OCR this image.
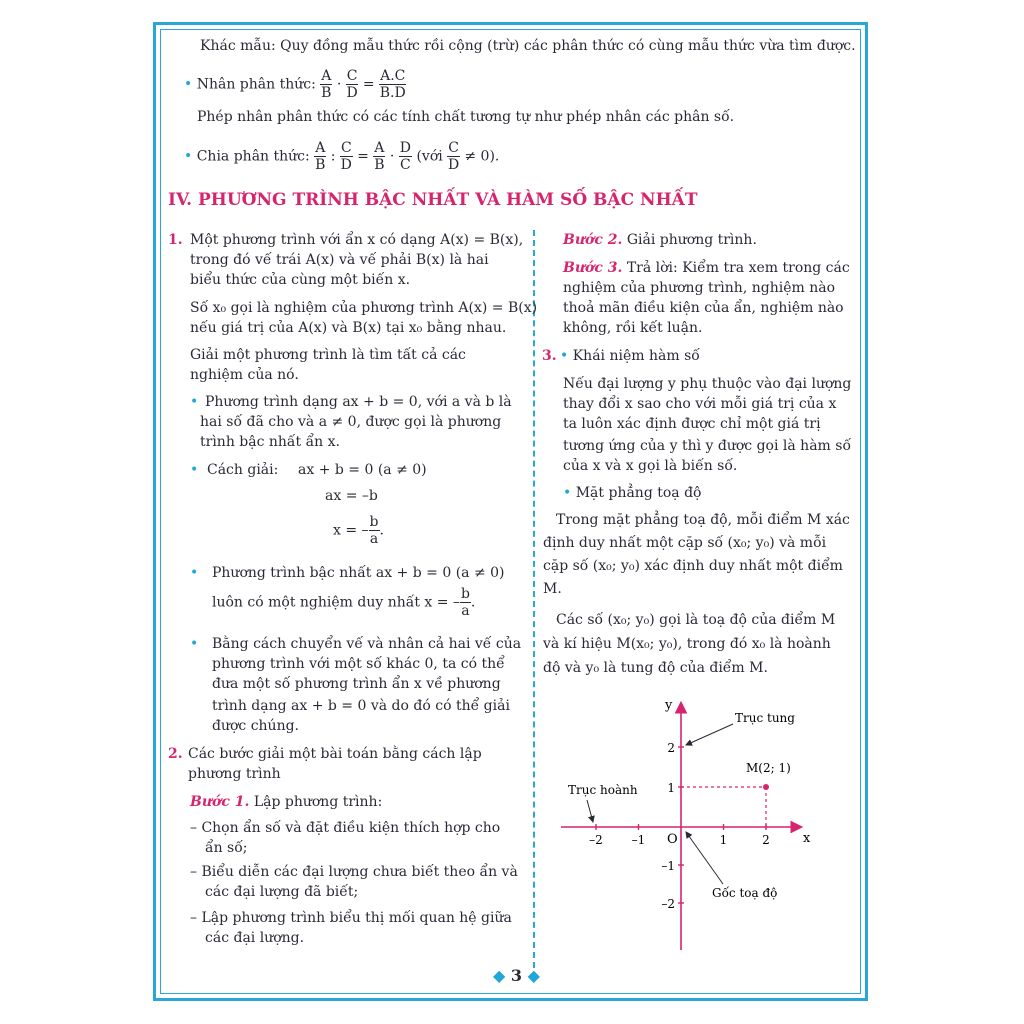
Khác mẫu: Quy đồng mẫu thức rồi cộng (trừ) các phân thức có cùng mẫu thức vừa tìm được.
• Nhân phân thức: $\frac{A}{B} \cdot \frac{C}{D} = \frac{A.C}{B.D}$
Phép nhân phân thức có các tính chất tương tự như phép nhân các phân số.
• Chia phân thức: $\frac{A}{B}$ : $\frac{C}{D} = \frac{A}{B} \cdot \frac{D}{C}$ (với $\frac{C}{D} \ne 0$).
IV. PHƯƠNG TRÌNH BẬC NHẤT VÀ HÀM SỐ BẬC NHẤT
1. Một phương trình với ẩn x có dạng A(x) = B(x),
trong đó vế trái A(x) và vế phải B(x) là hai
biểu thức của cùng một biến x.
Số x₀ gọi là nghiệm của phương trình A(x) = B(x)
nếu giá trị của A(x) và B(x) tại x₀ bằng nhau.
Giải một phương trình là tìm tất cả các
nghiệm của nó.
• Phương trình dạng ax + b = 0, với a và b là
hai số đã cho và a ≠ 0, được gọi là phương
trình bậc nhất ẩn x.
• Cách giải: ax + b = 0 (a ≠ 0)
ax = –b
x = – $\frac{b}{a}$ .
• Phương trình bậc nhất ax + b = 0 (a ≠ 0)
luôn có một nghiệm duy nhất x = – $\frac{b}{a}$ .
• Bằng cách chuyển vế và nhân cả hai vế của
phương trình với một số khác 0, ta có thể
đưa một số phương trình ẩn x về phương
trình dạng ax + b = 0 và do đó có thể giải
được chúng.
2. Các bước giải một bài toán bằng cách lập
phương trình
Bước 1. Lập phương trình:
– Chọn ẩn số và đặt điều kiện thích hợp cho
ẩn số;
– Biểu diễn các đại lượng chưa biết theo ẩn và
các đại lượng đã biết;
– Lập phương trình biểu thị mối quan hệ giữa
các đại lượng.
Bước 2. Giải phương trình.
Bước 3. Trả lời: Kiểm tra xem trong các
nghiệm của phương trình, nghiệm nào
thoả mãn điều kiện của ẩn, nghiệm nào
không, rồi kết luận.
3. • Khái niệm hàm số
Nếu đại lượng y phụ thuộc vào đại lượng
thay đổi x sao cho với mỗi giá trị của x
ta luôn xác định được chỉ một giá trị
tương ứng của y thì y được gọi là hàm số
của x và x gọi là biến số.
• Mặt phẳng toạ độ
Trong mặt phẳng toạ độ, mỗi điểm M xác
định duy nhất một cặp số (x₀; y₀) và mỗi
cặp số (x₀; y₀) xác định duy nhất một điểm
M.
Các số (x₀; y₀) gọi là toạ độ của điểm M
và kí hiệu M(x₀; y₀), trong đó x₀ là hoành
độ và y₀ là tung độ của điểm M.
y
x
O
2
1
–1
–2
–2 –1	1	2
M(2; 1)
Trục tung
Trục hoành
Gốc toạ độ
◆ 3 ◆
